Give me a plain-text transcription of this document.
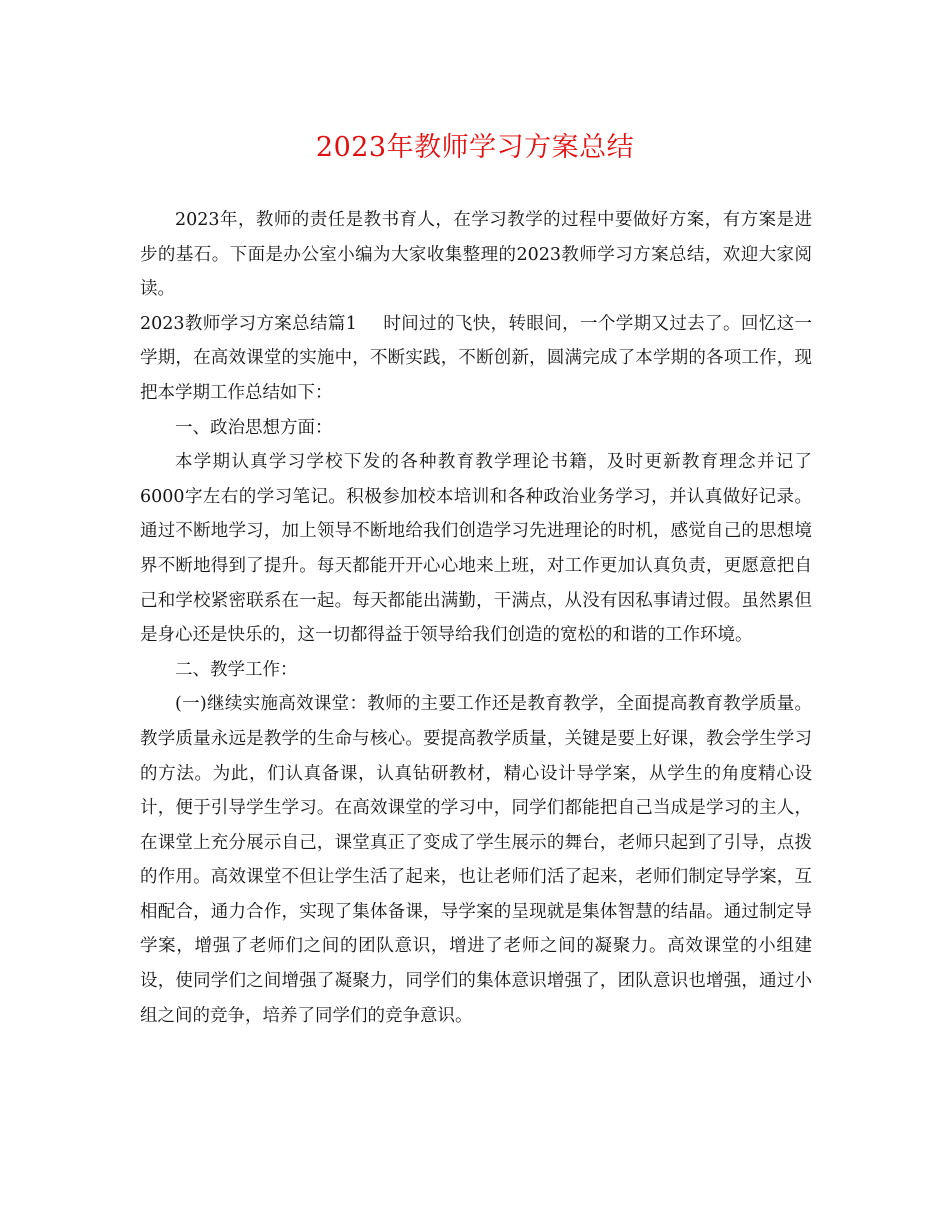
2023年教师学习方案总结

2023年，教师的责任是教书育人，在学习教学的过程中要做好方案，有方案是进步的基石。下面是办公室小编为大家收集整理的2023教师学习方案总结，欢迎大家阅读。

2023教师学习方案总结篇1 时间过的飞快，转眼间，一个学期又过去了。回忆这一学期，在高效课堂的实施中，不断实践，不断创新，圆满完成了本学期的各项工作，现把本学期工作总结如下：

一、政治思想方面：

本学期认真学习学校下发的各种教育教学理论书籍，及时更新教育理念并记了6000字左右的学习笔记。积极参加校本培训和各种政治业务学习，并认真做好记录。通过不断地学习，加上领导不断地给我们创造学习先进理论的时机，感觉自己的思想境界不断地得到了提升。每天都能开开心心地来上班，对工作更加认真负责，更愿意把自己和学校紧密联系在一起。每天都能出满勤，干满点，从没有因私事请过假。虽然累但是身心还是快乐的，这一切都得益于领导给我们创造的宽松的和谐的工作环境。

二、教学工作：

(一)继续实施高效课堂：教师的主要工作还是教育教学，全面提高教育教学质量。教学质量永远是教学的生命与核心。要提高教学质量，关键是要上好课，教会学生学习的方法。为此，们认真备课，认真钻研教材，精心设计导学案，从学生的角度精心设计，便于引导学生学习。在高效课堂的学习中，同学们都能把自己当成是学习的主人，在课堂上充分展示自己，课堂真正了变成了学生展示的舞台，老师只起到了引导，点拨的作用。高效课堂不但让学生活了起来，也让老师们活了起来，老师们制定导学案，互相配合，通力合作，实现了集体备课，导学案的呈现就是集体智慧的结晶。通过制定导学案，增强了老师们之间的团队意识，增进了老师之间的凝聚力。高效课堂的小组建设，使同学们之间增强了凝聚力，同学们的集体意识增强了，团队意识也增强，通过小组之间的竞争，培养了同学们的竞争意识。
